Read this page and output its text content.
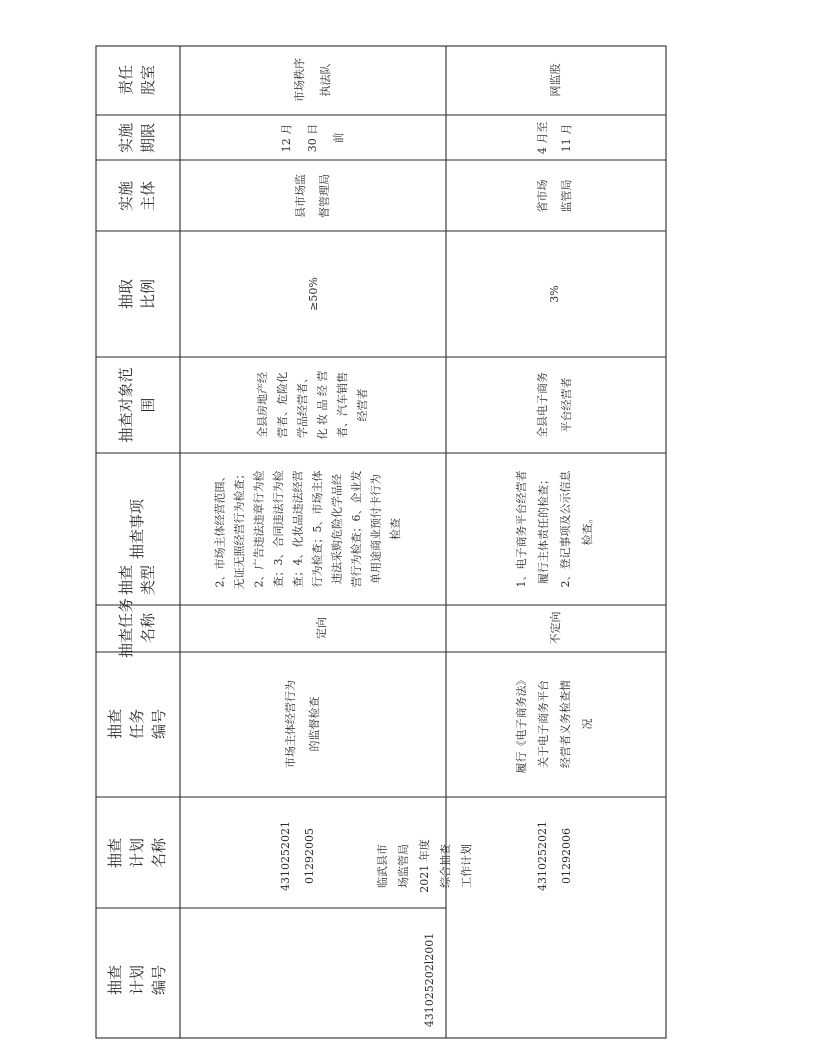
抽查 计划 编号
抽查 计划 名称
抽查 任务 编号
抽查任务 名称
抽查 类型
抽查事项
抽查对象范 围
抽取 比例
实施 主体
实施 期限
责任 股室
431025202l2001
临武县市 场监管局 2021 年度 综合抽查 工作计划
4310252021 01292005
市场主体经营行为 的监督检查
定向
2、市场主体经营范围、 无证无照经营行为检查； 2、广告违法违章行为检 查；3、合同违法行为检 查；4、化妆品违法经营 行为检查；5、市场主体 违法采购危险化学品经 营行为检查；6、企业发 单用途商业预付卡行为 检查
全县房地产经 营者、危险化 学品经营者、 化 妆 品 经 营 者、汽车销售 经营者
≥50%
县市场监 督管理局
12 月 30 日 前
市场秩序 执法队
4310252021 01292006
履行《电子商务法》 关于电子商务平台 经营者义务检查情 况
不定向
1、电子商务平台经营者 履行主体责任的检查； 2、登记事项及公示信息 检查。
全县电子商务 平台经营者
3%
省市场 监管局
4 月至 11 月
网监股
